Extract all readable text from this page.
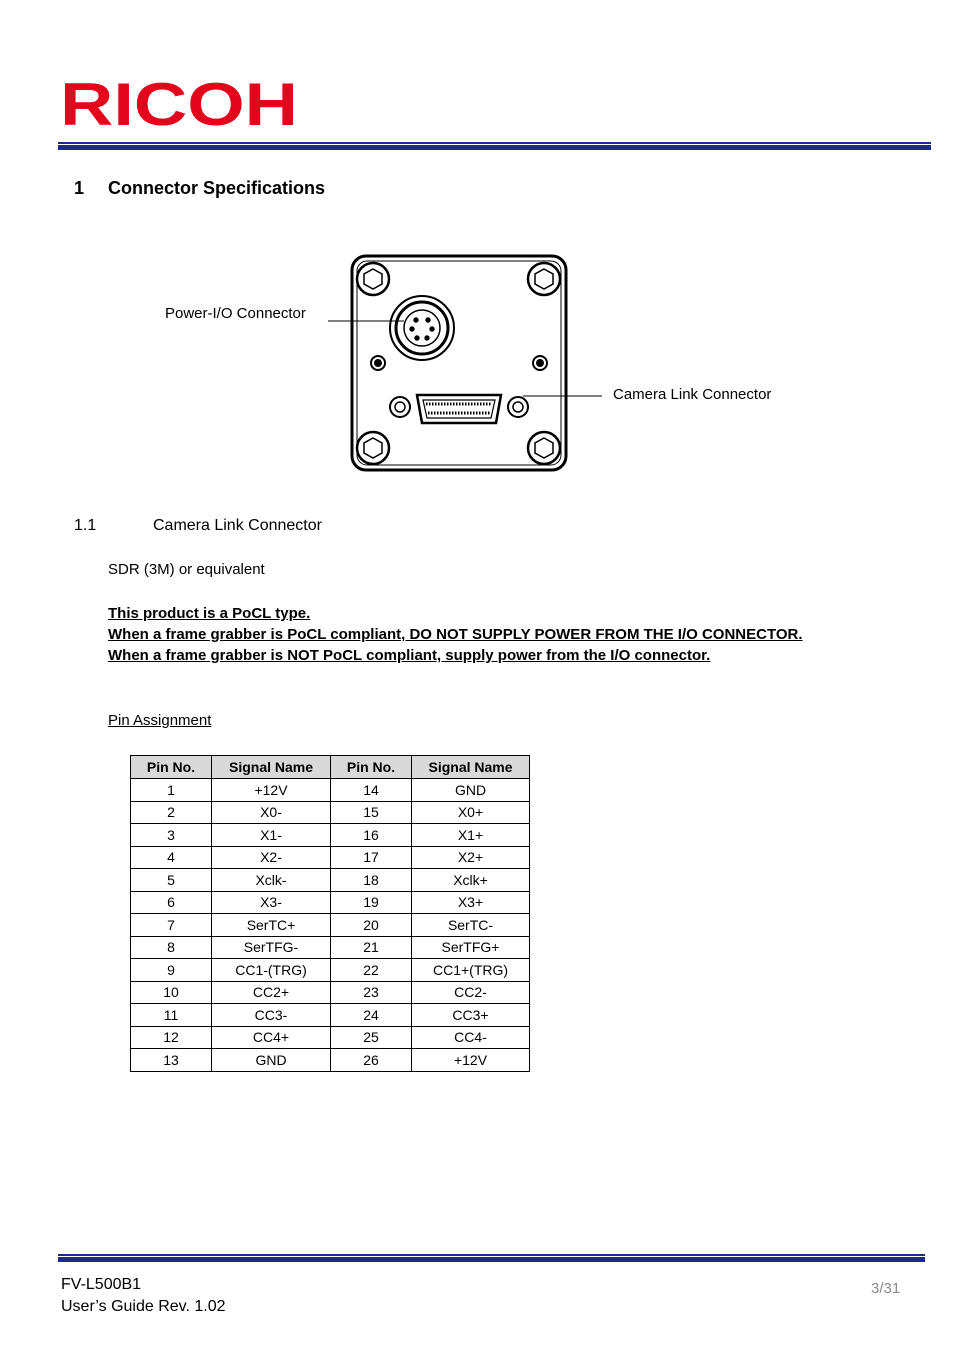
RICOH
1 Connector Specifications
Power-I/O Connector
Camera Link Connector
1.1	Camera Link Connector
SDR (3M) or equivalent
This product is a PoCL type.
When a frame grabber is PoCL compliant, DO NOT SUPPLY POWER FROM THE I/O CONNECTOR.
When a frame grabber is NOT PoCL compliant, supply power from the I/O connector.
Pin Assignment
Pin No.	Signal Name	Pin No.	Signal Name
1	+12V	14	GND
2	X0-	15	X0+
3	X1-	16	X1+
4	X2-	17	X2+
5	Xclk-	18	Xclk+
6	X3-	19	X3+
7	SerTC+	20	SerTC-
8	SerTFG-	21	SerTFG+
9	CC1-(TRG)	22	CC1+(TRG)
10	CC2+	23	CC2-
11	CC3-	24	CC3+
12	CC4+	25	CC4-
13	GND	26	+12V
FV-L500B1
User’s Guide Rev. 1.02
3/31
